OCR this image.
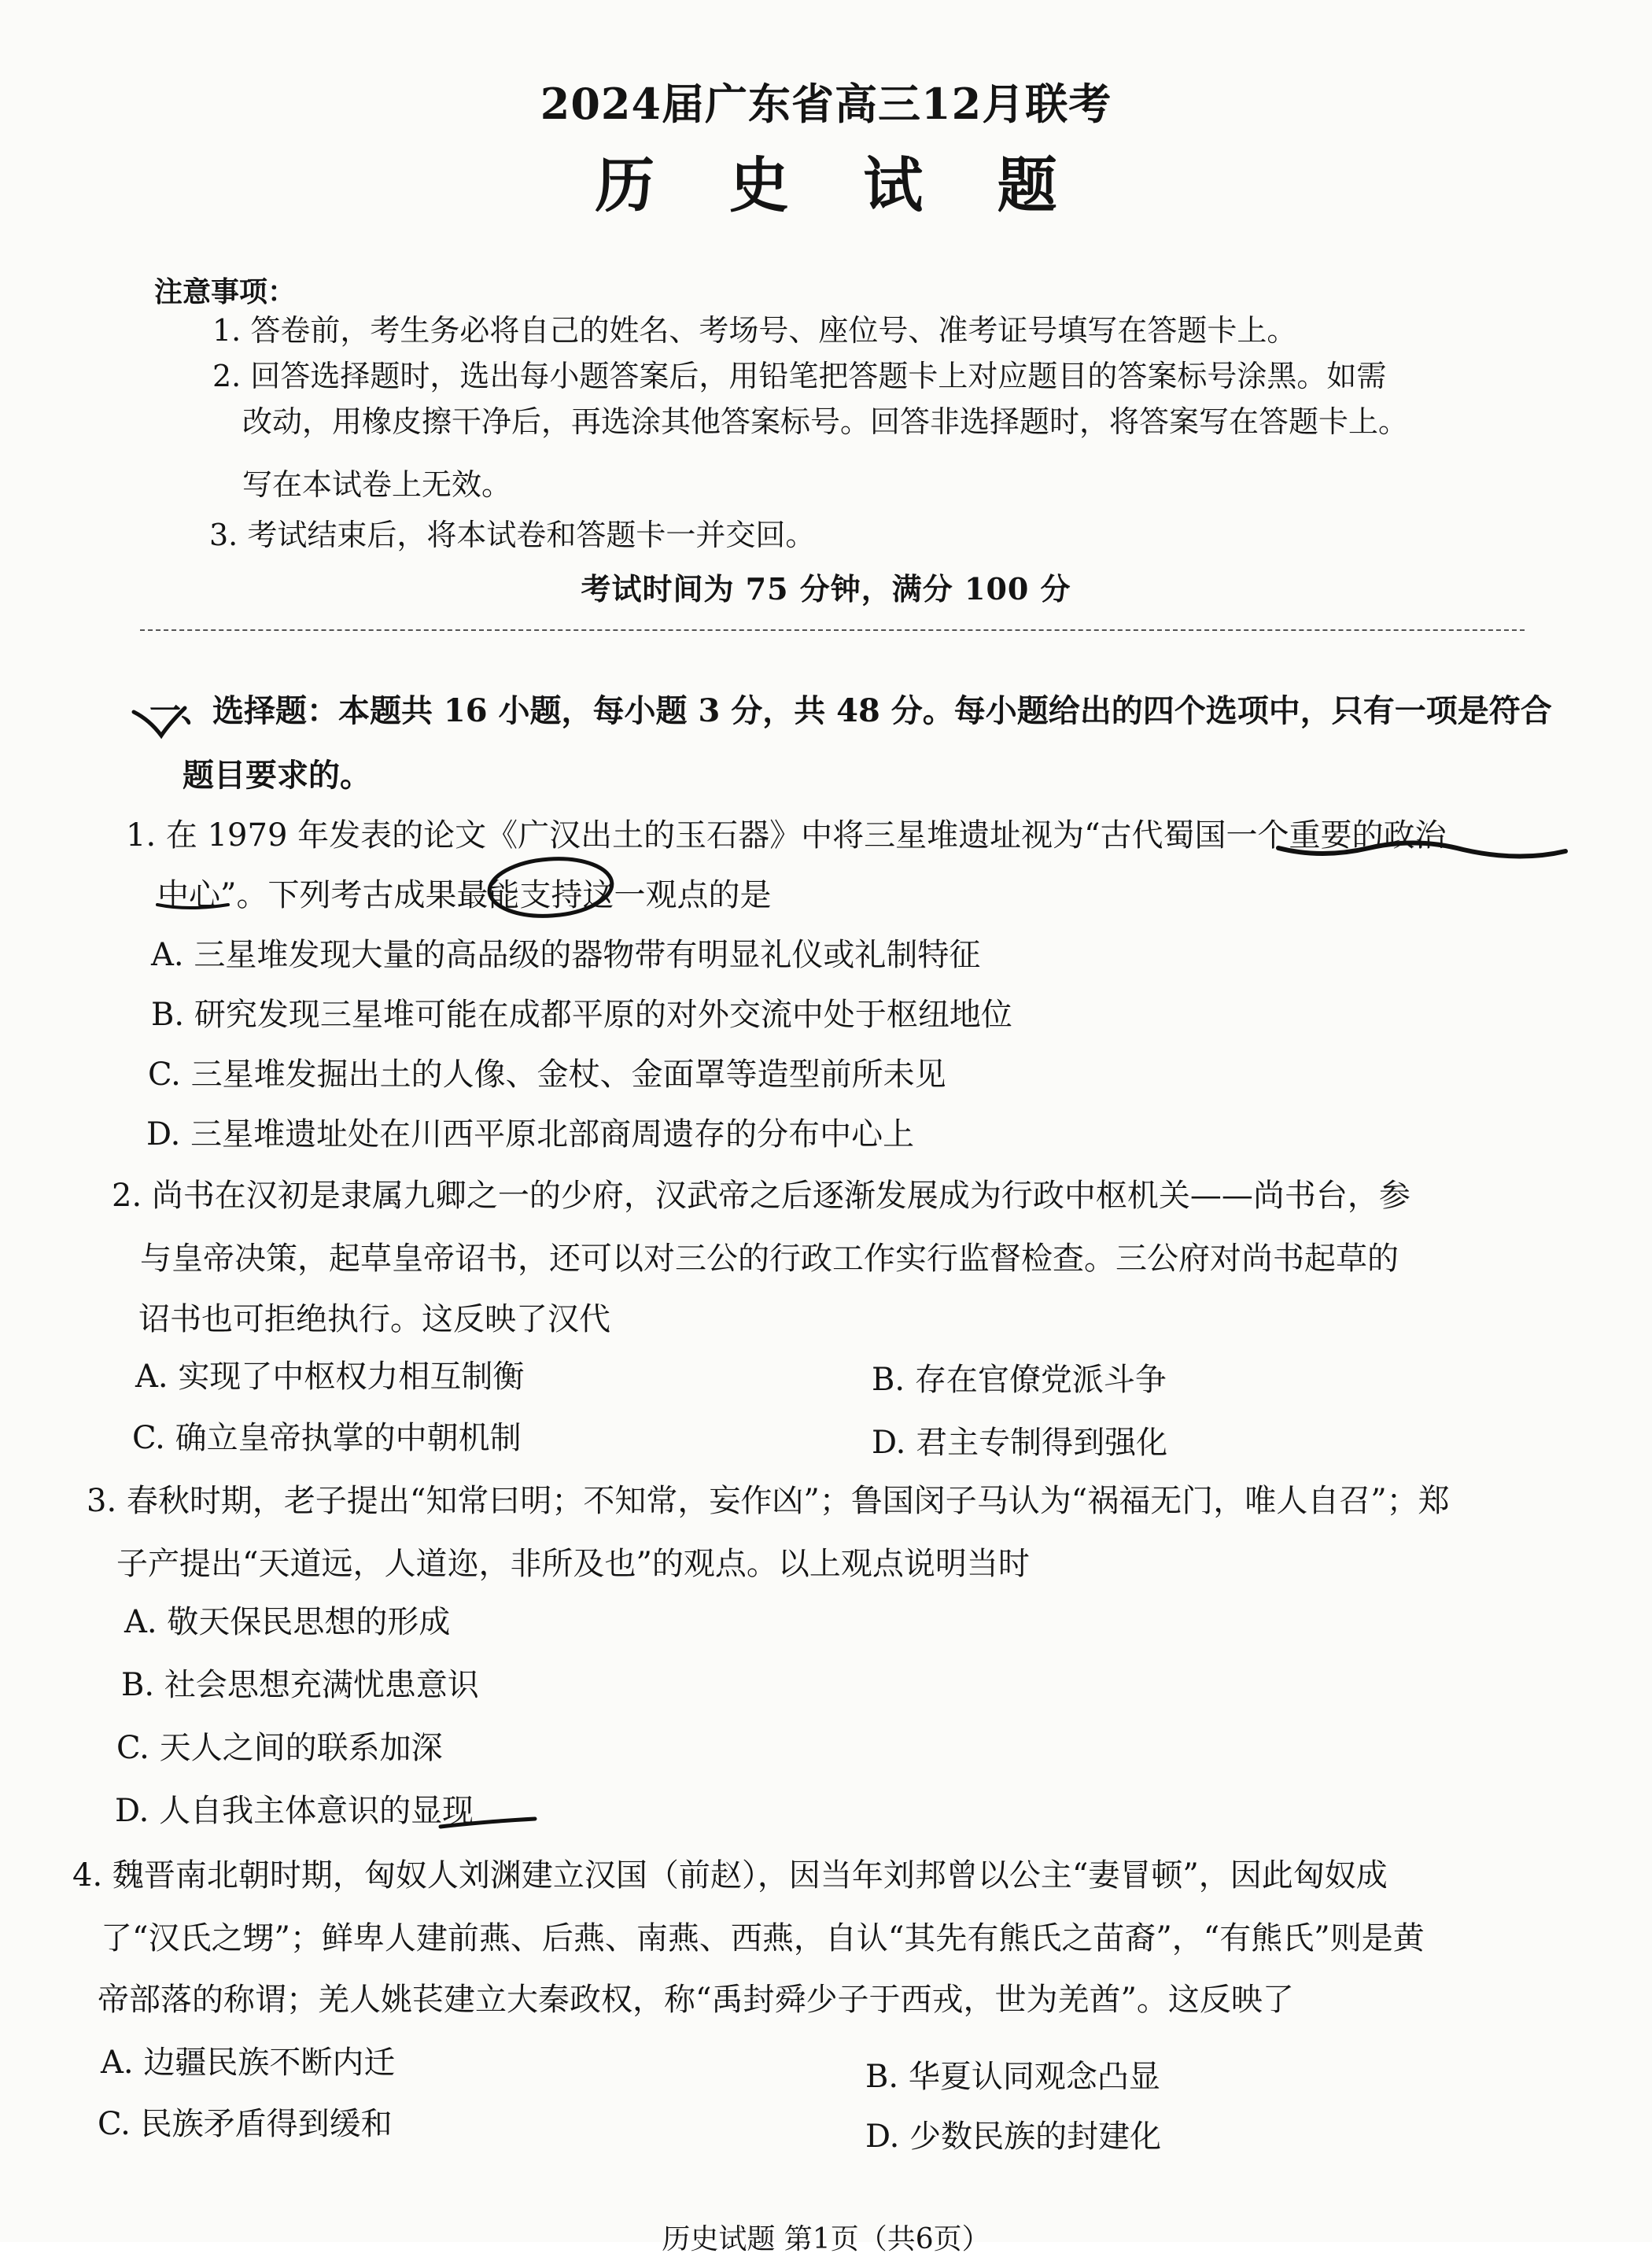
2024届广东省高三12月联考
历 史 试 题
注意事项：
1. 答卷前，考生务必将自己的姓名、考场号、座位号、准考证号填写在答题卡上。
2. 回答选择题时，选出每小题答案后，用铅笔把答题卡上对应题目的答案标号涂黑。如需
改动，用橡皮擦干净后，再选涂其他答案标号。回答非选择题时，将答案写在答题卡上。
写在本试卷上无效。
3. 考试结束后，将本试卷和答题卡一并交回。
考试时间为 75 分钟，满分 100 分
一、选择题：本题共 16 小题，每小题 3 分，共 48 分。每小题给出的四个选项中，只有一项是符合
题目要求的。
1. 在 1979 年发表的论文《广汉出土的玉石器》中将三星堆遗址视为“古代蜀国一个重要的政治
中心”。下列考古成果最能支持这一观点的是
A. 三星堆发现大量的高品级的器物带有明显礼仪或礼制特征
B. 研究发现三星堆可能在成都平原的对外交流中处于枢纽地位
C. 三星堆发掘出土的人像、金杖、金面罩等造型前所未见
D. 三星堆遗址处在川西平原北部商周遗存的分布中心上
2. 尚书在汉初是隶属九卿之一的少府，汉武帝之后逐渐发展成为行政中枢机关——尚书台，参
与皇帝决策，起草皇帝诏书，还可以对三公的行政工作实行监督检查。三公府对尚书起草的
诏书也可拒绝执行。这反映了汉代
A. 实现了中枢权力相互制衡	B. 存在官僚党派斗争
C. 确立皇帝执掌的中朝机制	D. 君主专制得到强化
3. 春秋时期，老子提出“知常曰明；不知常，妄作凶”；鲁国闵子马认为“祸福无门，唯人自召”；郑
子产提出“天道远，人道迩，非所及也”的观点。以上观点说明当时
A. 敬天保民思想的形成
B. 社会思想充满忧患意识
C. 天人之间的联系加深
D. 人自我主体意识的显现
4. 魏晋南北朝时期，匈奴人刘渊建立汉国（前赵），因当年刘邦曾以公主“妻冒顿”，因此匈奴成
了“汉氏之甥”；鲜卑人建前燕、后燕、南燕、西燕，自认“其先有熊氏之苗裔”，“有熊氏”则是黄
帝部落的称谓；羌人姚苌建立大秦政权，称“禹封舜少子于西戎，世为羌酋”。这反映了
A. 边疆民族不断内迁	B. 华夏认同观念凸显
C. 民族矛盾得到缓和	D. 少数民族的封建化
历史试题 第1页（共6页）
